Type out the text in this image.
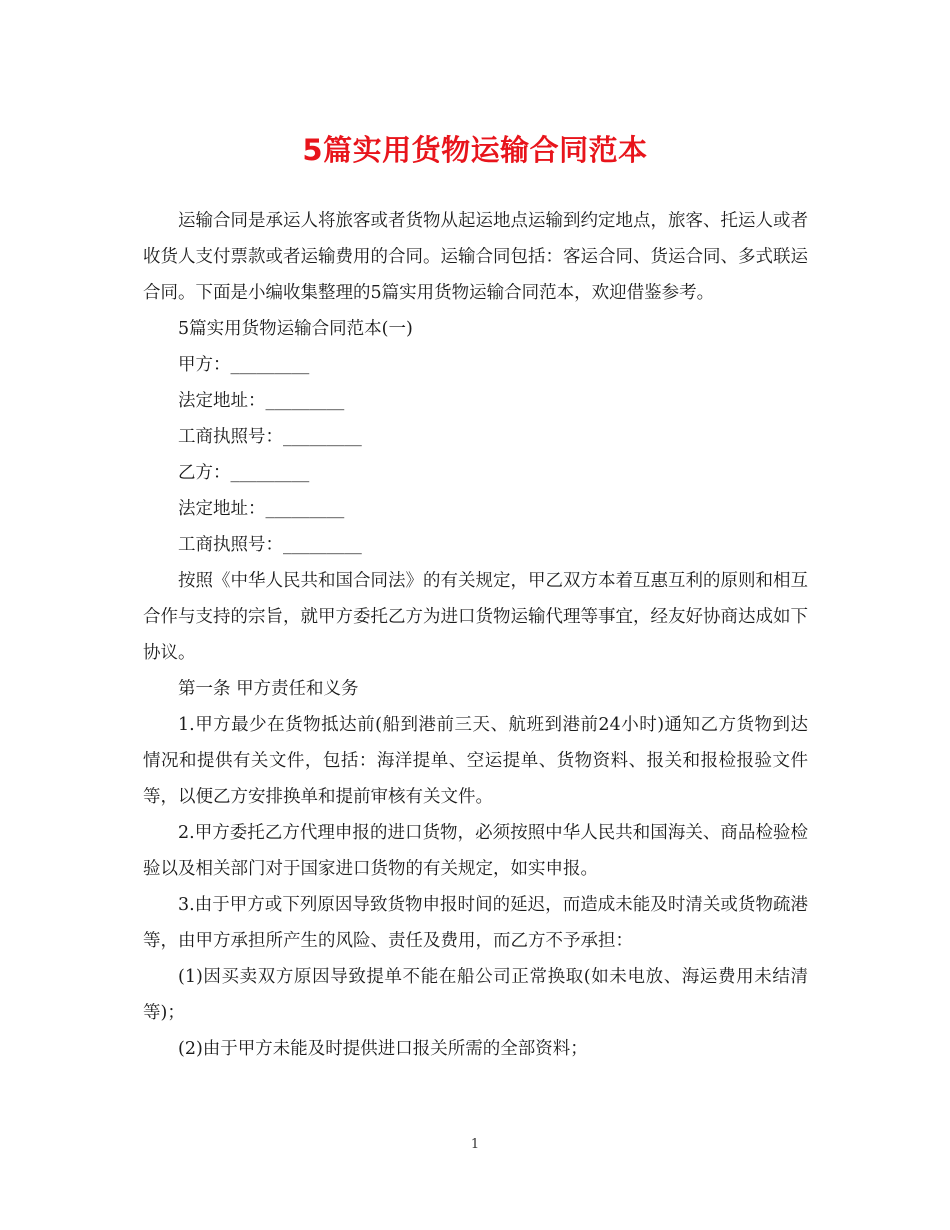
5篇实用货物运输合同范本

运输合同是承运人将旅客或者货物从起运地点运输到约定地点，旅客、托运人或者收货人支付票款或者运输费用的合同。运输合同包括：客运合同、货运合同、多式联运合同。下面是小编收集整理的5篇实用货物运输合同范本，欢迎借鉴参考。

5篇实用货物运输合同范本(一)

甲方：_________

法定地址：_________

工商执照号：_________

乙方：_________

法定地址：_________

工商执照号：_________

按照《中华人民共和国合同法》的有关规定，甲乙双方本着互惠互利的原则和相互合作与支持的宗旨，就甲方委托乙方为进口货物运输代理等事宜，经友好协商达成如下协议。

第一条 甲方责任和义务

1.甲方最少在货物抵达前(船到港前三天、航班到港前24小时)通知乙方货物到达情况和提供有关文件，包括：海洋提单、空运提单、货物资料、报关和报检报验文件等，以便乙方安排换单和提前审核有关文件。

2.甲方委托乙方代理申报的进口货物，必须按照中华人民共和国海关、商品检验检验以及相关部门对于国家进口货物的有关规定，如实申报。

3.由于甲方或下列原因导致货物申报时间的延迟，而造成未能及时清关或货物疏港等，由甲方承担所产生的风险、责任及费用，而乙方不予承担：

(1)因买卖双方原因导致提单不能在船公司正常换取(如未电放、海运费用未结清等)；

(2)由于甲方未能及时提供进口报关所需的全部资料；

1
